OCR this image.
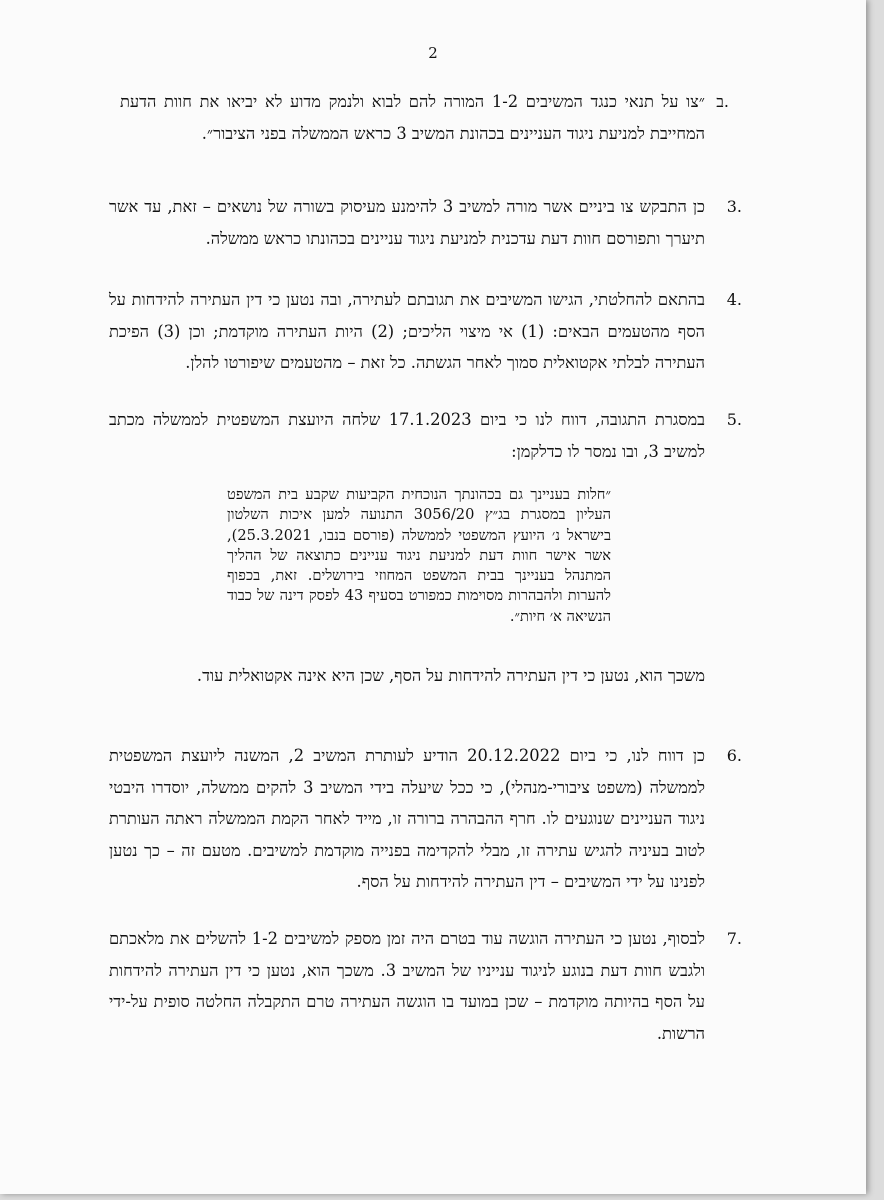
2
ב.

״צו על תנאי כנגד המשיבים 1-2 המורה להם לבוא ולנמק מדוע לא יביאו את חוות הדעת המחייבת למניעת ניגוד העניינים בכהונת המשיב 3 כראש הממשלה בפני הציבור״.

3.

כן התבקש צו ביניים אשר מורה למשיב 3 להימנע מעיסוק בשורה של נושאים – זאת, עד אשר תיערך ותפורסם חוות דעת עדכנית למניעת ניגוד עניינים בכהונתו כראש ממשלה.

4.

בהתאם להחלטתי, הגישו המשיבים את תגובתם לעתירה, ובה נטען כי דין העתירה להידחות על הסף מהטעמים הבאים: (1) אי מיצוי הליכים; (2) היות העתירה מוקדמת; וכן (3) הפיכת העתירה לבלתי אקטואלית סמוך לאחר הגשתה. כל זאת – מהטעמים שיפורטו להלן.

5.

במסגרת התגובה, דווח לנו כי ביום 17.1.2023 שלחה היועצת המשפטית לממשלה מכתב למשיב 3, ובו נמסר לו כדלקמן:

״חלות בעניינך גם בכהונתך הנוכחית הקביעות שקבע בית המשפט העליון במסגרת בג״ץ 3056/20 התנועה למען איכות השלטון בישראל נ׳ היועץ המשפטי לממשלה (פורסם בנבו, 25.3.2021), אשר אישר חוות דעת למניעת ניגוד עניינים כתוצאה של ההליך המתנהל בעניינך בבית המשפט המחוזי בירושלים. זאת, בכפוף להערות ולהבהרות מסוימות כמפורט בסעיף 43 לפסק דינה של כבוד הנשיאה א׳ חיות״.

משכך הוא, נטען כי דין העתירה להידחות על הסף, שכן היא אינה אקטואלית עוד.

6.

כן דווח לנו, כי ביום 20.12.2022 הודיע לעותרת המשיב 2, המשנה ליועצת המשפטית לממשלה (משפט ציבורי-מנהלי), כי ככל שיעלה בידי המשיב 3 להקים ממשלה, יוסדרו היבטי ניגוד העניינים שנוגעים לו. חרף ההבהרה ברורה זו, מייד לאחר הקמת הממשלה ראתה העותרת לטוב בעיניה להגיש עתירה זו, מבלי להקדימה בפנייה מוקדמת למשיבים. מטעם זה – כך נטען לפנינו על ידי המשיבים – דין העתירה להידחות על הסף.

7.

לבסוף, נטען כי העתירה הוגשה עוד בטרם היה זמן מספק למשיבים 1-2 להשלים את מלאכתם ולגבש חוות דעת בנוגע לניגוד ענייניו של המשיב 3. משכך הוא, נטען כי דין העתירה להידחות על הסף בהיותה מוקדמת – שכן במועד בו הוגשה העתירה טרם התקבלה החלטה סופית על-ידי הרשות.
